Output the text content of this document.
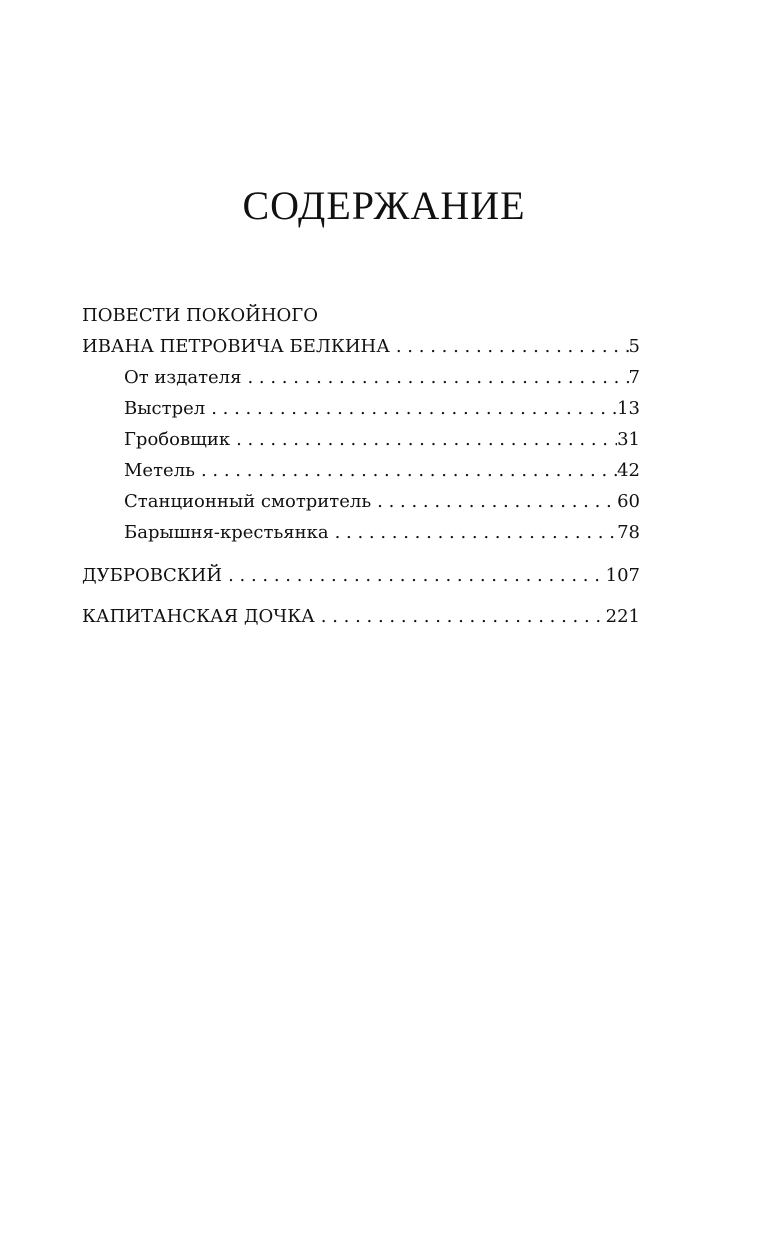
СОДЕРЖАНИЕ
ПОВЕСТИ ПОКОЙНОГО
ИВАНА ПЕТРОВИЧА БЕЛКИНА . . .	5
От издателя . . .	7
Выстрел . . .	13
Гробовщик . . .	31
Метель . . .	42
Станционный смотритель . . .	60
Барышня-крестьянка . . .	78
ДУБРОВСКИЙ . . .	107
КАПИТАНСКАЯ ДОЧКА . . .	221
